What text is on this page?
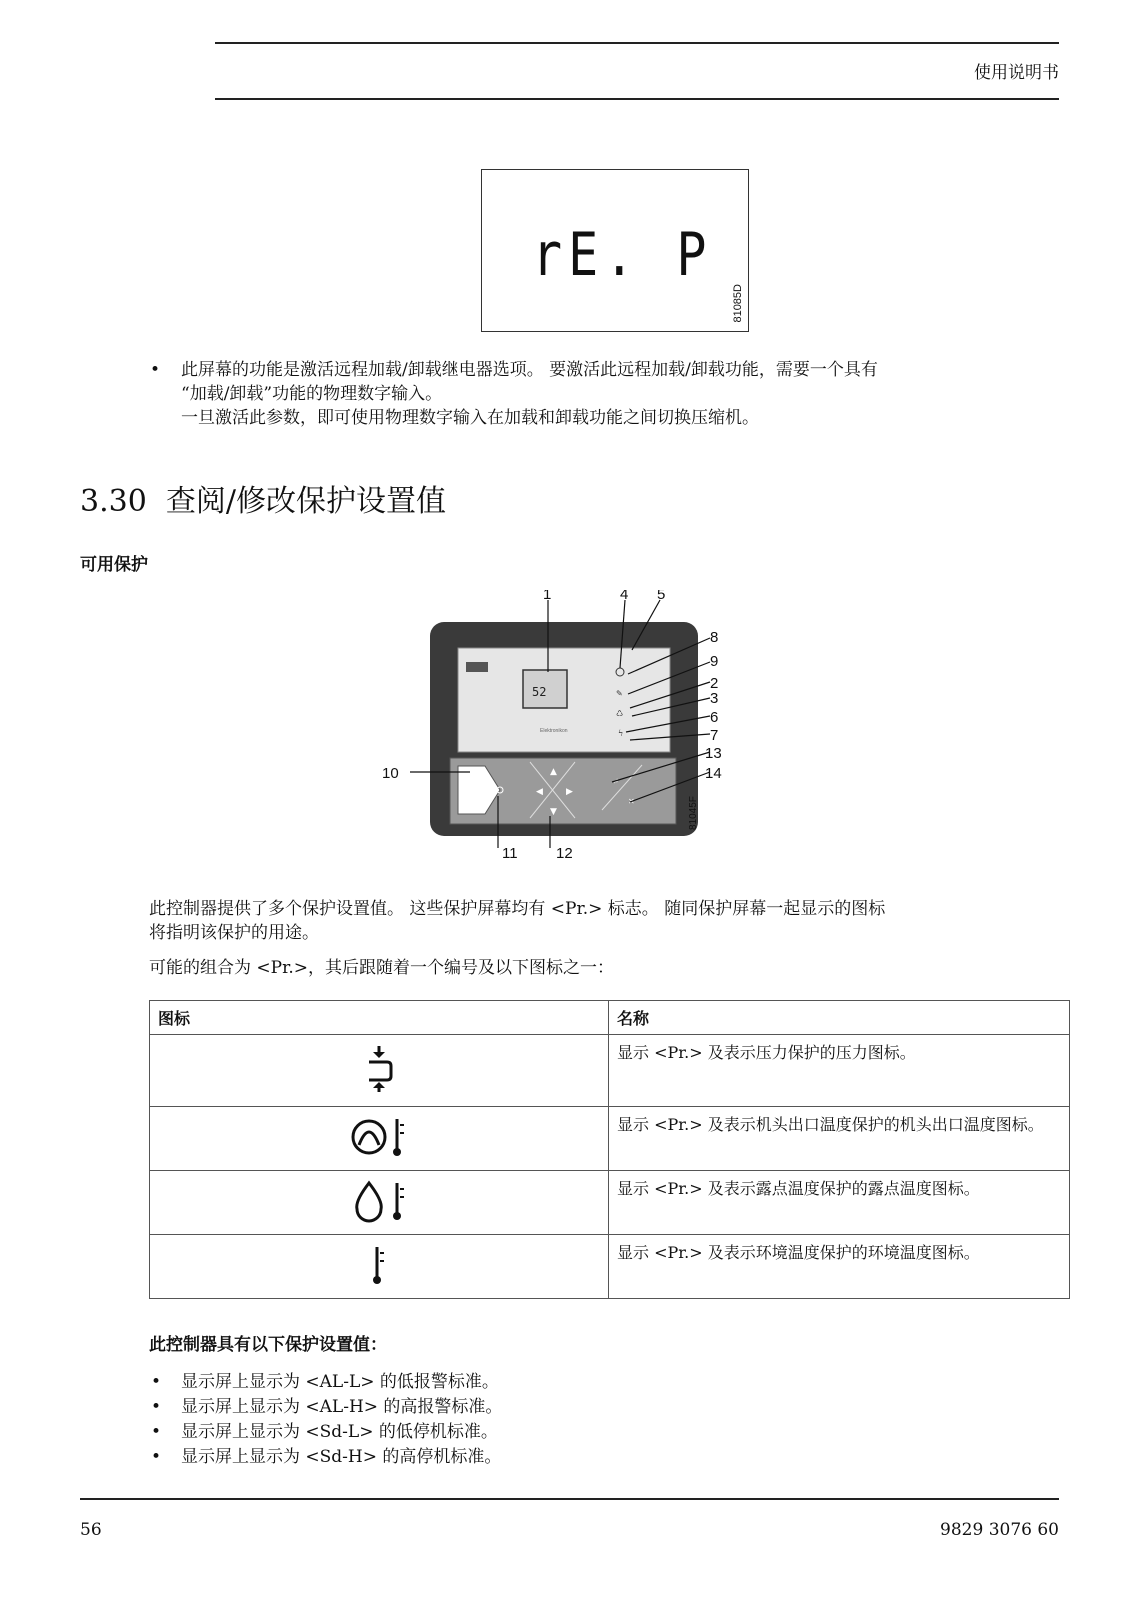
使用说明书
rE. P
81085D
• 此屏幕的功能是激活远程加载/卸载继电器选项。 要激活此远程加载/卸载功能，需要一个具有
“加载/卸载”功能的物理数字输入。
一旦激活此参数，即可使用物理数字输入在加载和卸载功能之间切换压缩机。
3.30 查阅/修改保护设置值
可用保护
52
Elektronikon
✎
♺
ϟ
◀	▶
▲
▼
↵
✕
1	4 5
8
9
2
3
6
7
13
14
10
11	12
81045F
此控制器提供了多个保护设置值。 这些保护屏幕均有 <Pr.> 标志。 随同保护屏幕一起显示的图标
将指明该保护的用途。
可能的组合为 <Pr.>，其后跟随着一个编号及以下图标之一：
图标	名称
	显示 <Pr.> 及表示压力保护的压力图标。
	显示 <Pr.> 及表示机头出口温度保护的机头出口温度图标。
	显示 <Pr.> 及表示露点温度保护的露点温度图标。
	显示 <Pr.> 及表示环境温度保护的环境温度图标。
此控制器具有以下保护设置值：
• 显示屏上显示为 <AL-L> 的低报警标准。
• 显示屏上显示为 <AL-H> 的高报警标准。
• 显示屏上显示为 <Sd-L> 的低停机标准。
• 显示屏上显示为 <Sd-H> 的高停机标准。
56	9829 3076 60
